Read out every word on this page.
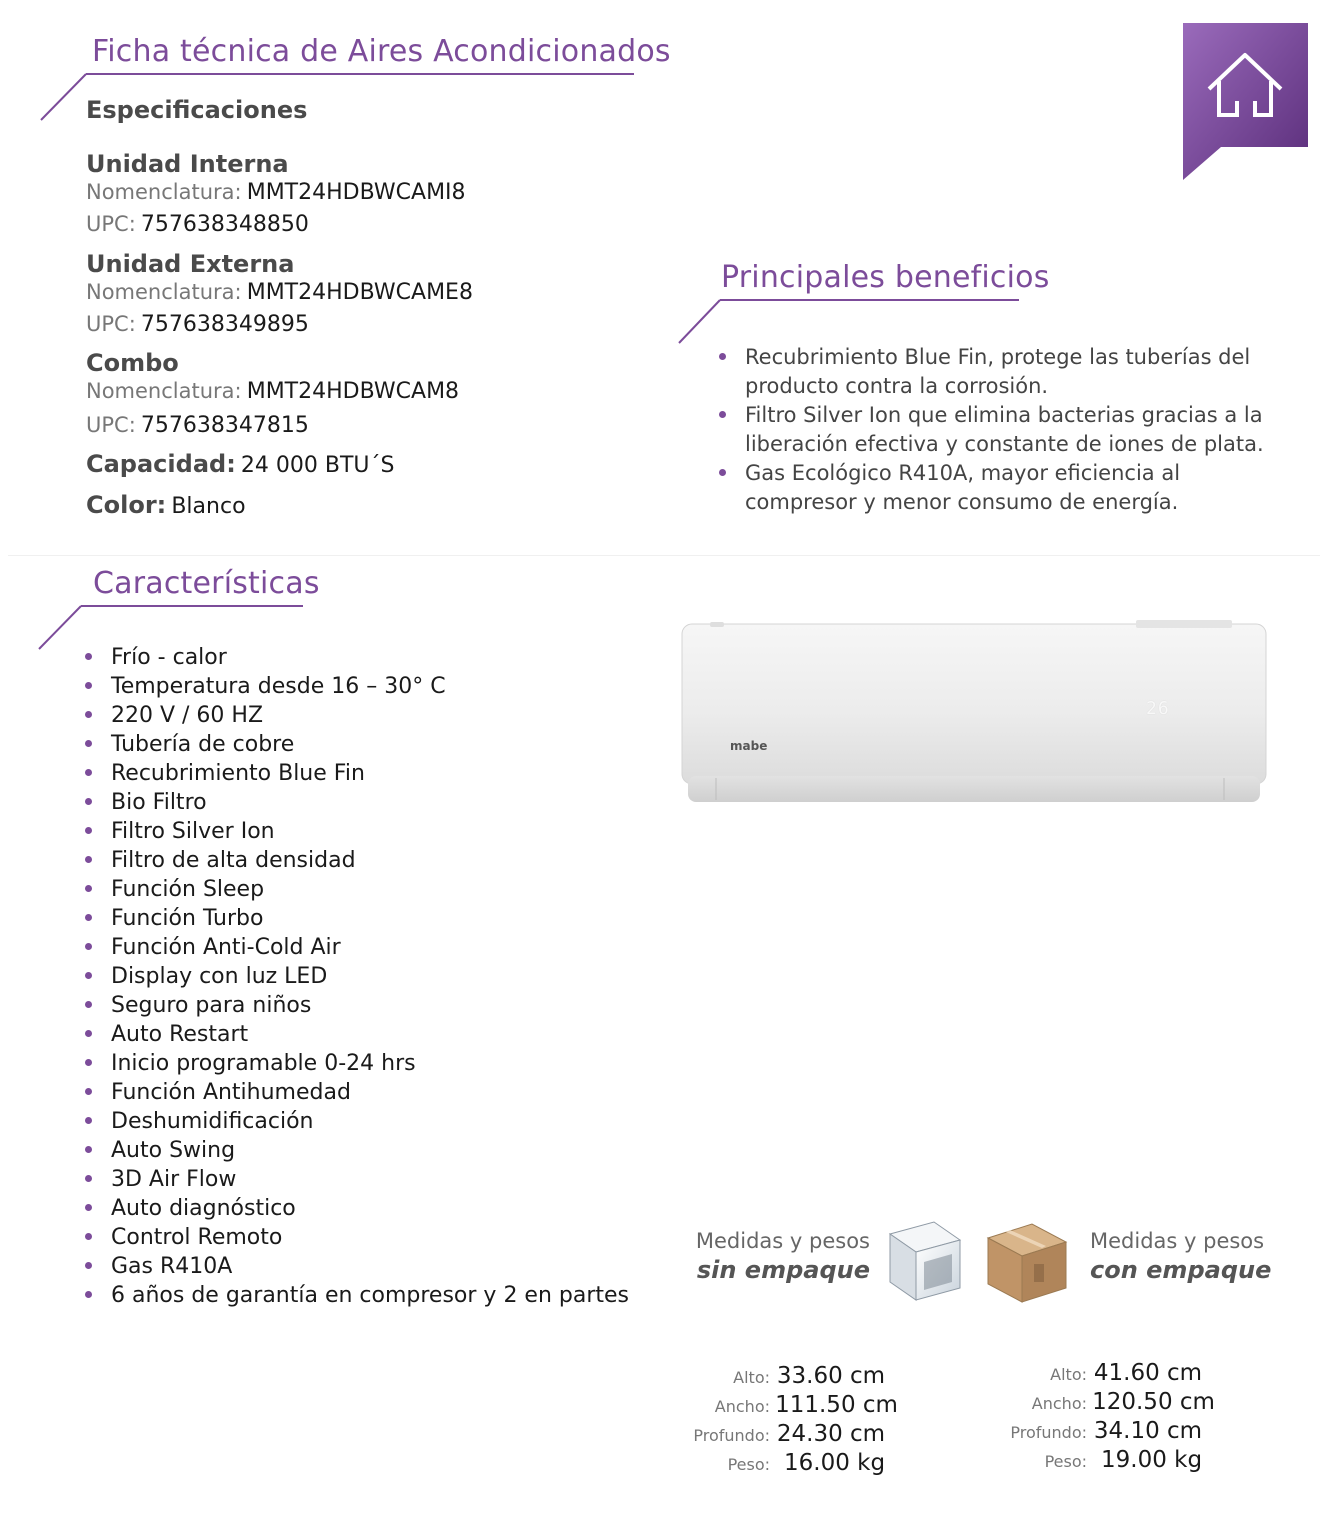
Ficha técnica de Aires Acondicionados
Especificaciones
Unidad Interna
Nomenclatura: MMT24HDBWCAMI8
UPC: 757638348850
Unidad Externa
Nomenclatura: MMT24HDBWCAME8
UPC: 757638349895
Combo
Nomenclatura: MMT24HDBWCAM8
UPC: 757638347815
Capacidad: 24 000 BTU´S
Color: Blanco
Principales beneficios
Recubrimiento Blue Fin, protege las tuberías del producto contra la corrosión.
Filtro Silver Ion que elimina bacterias gracias a la liberación efectiva y constante de iones de plata.
Gas Ecológico R410A, mayor eficiencia al compresor y menor consumo de energía.
Características
Frío - calor
Temperatura desde 16 – 30° C
220 V / 60 HZ
Tubería de cobre
Recubrimiento Blue Fin
Bio Filtro
Filtro Silver Ion
Filtro de alta densidad
Función Sleep
Función Turbo
Función Anti-Cold Air
Display con luz LED
Seguro para niños
Auto Restart
Inicio programable 0-24 hrs
Función Antihumedad
Deshumidificación
Auto Swing
3D Air Flow
Auto diagnóstico
Control Remoto
Gas R410A
6 años de garantía en compresor y 2 en partes
mabe
26
Medidas y pesos
sin empaque
Medidas y pesos
con empaque
Alto: 33.60 cm
Ancho: 111.50 cm
Profundo: 24.30 cm
Peso: 16.00 kg
Alto: 41.60 cm
Ancho: 120.50 cm
Profundo: 34.10 cm
Peso: 19.00 kg
